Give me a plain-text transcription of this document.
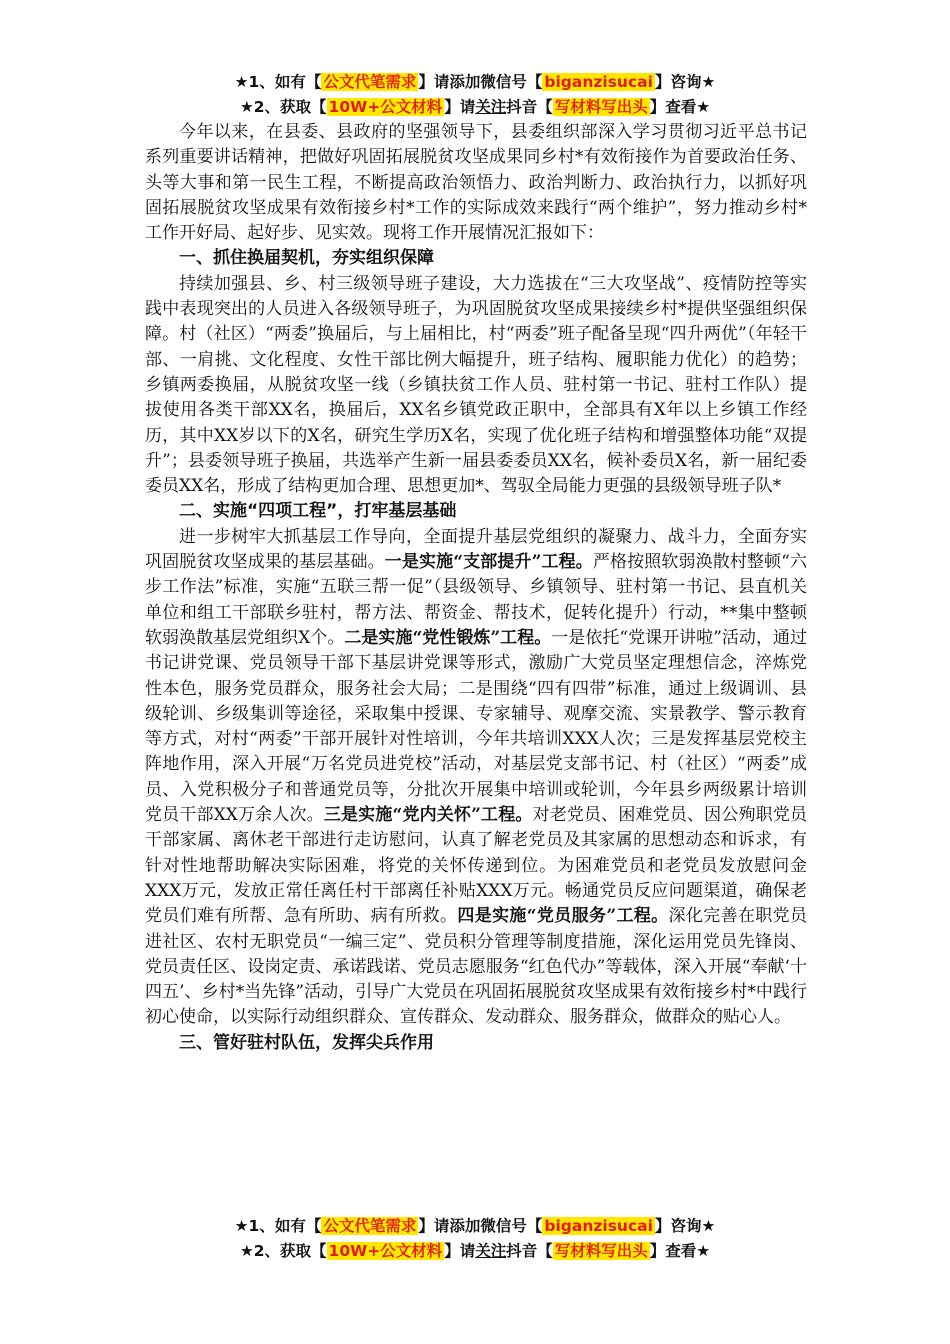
★1、如有【 公文代笔需求 】请添加微信号【 biganzisucai 】咨询★
★2、获取【 10W+公文材料 】请关注抖音【 写材料写出头 】查看★

今年以来，在县委、县政府的坚强领导下，县委组织部深入学习贯彻习近平总书记系列重要讲话精神，把做好巩固拓展脱贫攻坚成果同乡村*有效衔接作为首要政治任务、头等大事和第一民生工程，不断提高政治领悟力、政治判断力、政治执行力，以抓好巩固拓展脱贫攻坚成果有效衔接乡村*工作的实际成效来践行“两个维护”，努力推动乡村*工作开好局、起好步、见实效。现将工作开展情况汇报如下：

一、抓住换届契机，夯实组织保障

持续加强县、乡、村三级领导班子建设，大力选拔在“三大攻坚战”、疫情防控等实践中表现突出的人员进入各级领导班子，为巩固脱贫攻坚成果接续乡村*提供坚强组织保障。村（社区）“两委”换届后，与上届相比，村“两委”班子配备呈现“四升两优”（年轻干部、一肩挑、文化程度、女性干部比例大幅提升，班子结构、履职能力优化）的趋势；乡镇两委换届，从脱贫攻坚一线（乡镇扶贫工作人员、驻村第一书记、驻村工作队）提拔使用各类干部XX名，换届后，XX名乡镇党政正职中，全部具有X年以上乡镇工作经历，其中XX岁以下的X名，研究生学历X名，实现了优化班子结构和增强整体功能“双提升”；县委领导班子换届，共选举产生新一届县委委员XX名，候补委员X名，新一届纪委委员XX名，形成了结构更加合理、思想更加*、驾驭全局能力更强的县级领导班子队*

二、实施“四项工程”，打牢基层基础

进一步树牢大抓基层工作导向，全面提升基层党组织的凝聚力、战斗力，全面夯实巩固脱贫攻坚成果的基层基础。一是实施“支部提升”工程。严格按照软弱涣散村整顿“六步工作法”标准，实施“五联三帮一促”（县级领导、乡镇领导、驻村第一书记、县直机关单位和组工干部联乡驻村，帮方法、帮资金、帮技术，促转化提升）行动，**集中整顿软弱涣散基层党组织X个。二是实施“党性锻炼”工程。一是依托“党课开讲啦”活动，通过书记讲党课、党员领导干部下基层讲党课等形式，激励广大党员坚定理想信念，淬炼党性本色，服务党员群众，服务社会大局；二是围绕“四有四带”标准，通过上级调训、县级轮训、乡级集训等途径，采取集中授课、专家辅导、观摩交流、实景教学、警示教育等方式，对村“两委”干部开展针对性培训，今年共培训XXX人次；三是发挥基层党校主阵地作用，深入开展“万名党员进党校”活动，对基层党支部书记、村（社区）“两委”成员、入党积极分子和普通党员等，分批次开展集中培训或轮训，今年县乡两级累计培训党员干部XX万余人次。三是实施“党内关怀”工程。对老党员、困难党员、因公殉职党员干部家属、离休老干部进行走访慰问，认真了解老党员及其家属的思想动态和诉求，有针对性地帮助解决实际困难，将党的关怀传递到位。为困难党员和老党员发放慰问金XXX万元，发放正常任离任村干部离任补贴XXX万元。畅通党员反应问题渠道，确保老党员们难有所帮、急有所助、病有所救。四是实施“党员服务”工程。深化完善在职党员进社区、农村无职党员“一编三定”、党员积分管理等制度措施，深化运用党员先锋岗、党员责任区、设岗定责、承诺践诺、党员志愿服务“红色代办”等载体，深入开展“奉献‘十四五’、乡村*当先锋”活动，引导广大党员在巩固拓展脱贫攻坚成果有效衔接乡村*中践行初心使命，以实际行动组织群众、宣传群众、发动群众、服务群众，做群众的贴心人。

三、管好驻村队伍，发挥尖兵作用
★1、如有【 公文代笔需求 】请添加微信号【 biganzisucai 】咨询★
★2、获取【 10W+公文材料 】请关注抖音【 写材料写出头 】查看★
